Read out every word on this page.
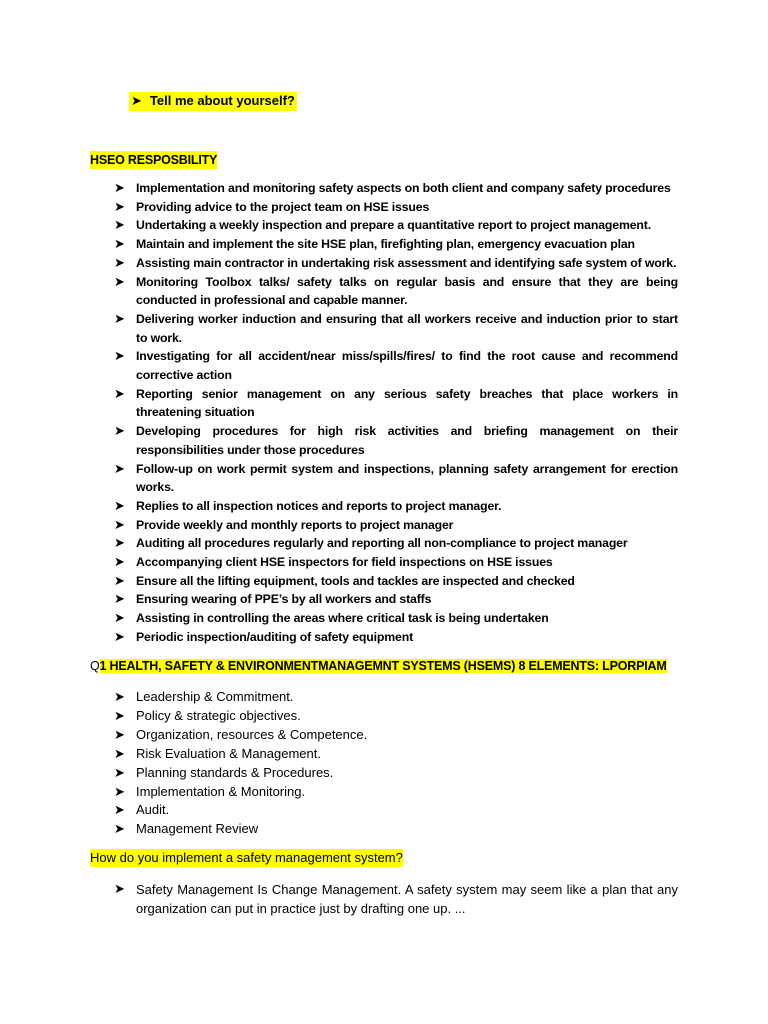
➤ Tell me about yourself?
HSEO RESPOSBILITY
➤ Implementation and monitoring safety aspects on both client and company safety procedures
➤ Providing advice to the project team on HSE issues
➤ Undertaking a weekly inspection and prepare a quantitative report to project management.
➤ Maintain and implement the site HSE plan, firefighting plan, emergency evacuation plan
➤ Assisting main contractor in undertaking risk assessment and identifying safe system of work.
➤ Monitoring Toolbox talks/ safety talks on regular basis and ensure that they are being conducted in professional and capable manner.
➤ Delivering worker induction and ensuring that all workers receive and induction prior to start to work.
➤ Investigating for all accident/near miss/spills/fires/ to find the root cause and recommend corrective action
➤ Reporting senior management on any serious safety breaches that place workers in threatening situation
➤ Developing procedures for high risk activities and briefing management on their responsibilities under those procedures
➤ Follow-up on work permit system and inspections, planning safety arrangement for erection works.
➤ Replies to all inspection notices and reports to project manager.
➤ Provide weekly and monthly reports to project manager
➤ Auditing all procedures regularly and reporting all non-compliance to project manager
➤ Accompanying client HSE inspectors for field inspections on HSE issues
➤ Ensure all the lifting equipment, tools and tackles are inspected and checked
➤ Ensuring wearing of PPE’s by all workers and staffs
➤ Assisting in controlling the areas where critical task is being undertaken
➤ Periodic inspection/auditing of safety equipment
Q1 HEALTH, SAFETY & ENVIRONMENTMANAGEMNT SYSTEMS (HSEMS) 8 ELEMENTS: LPORPIAM
➤ Leadership & Commitment.
➤ Policy & strategic objectives.
➤ Organization, resources & Competence.
➤ Risk Evaluation & Management.
➤ Planning standards & Procedures.
➤ Implementation & Monitoring.
➤ Audit.
➤ Management Review
How do you implement a safety management system?
➤ Safety Management Is Change Management. A safety system may seem like a plan that any organization can put in practice just by drafting one up. ...
